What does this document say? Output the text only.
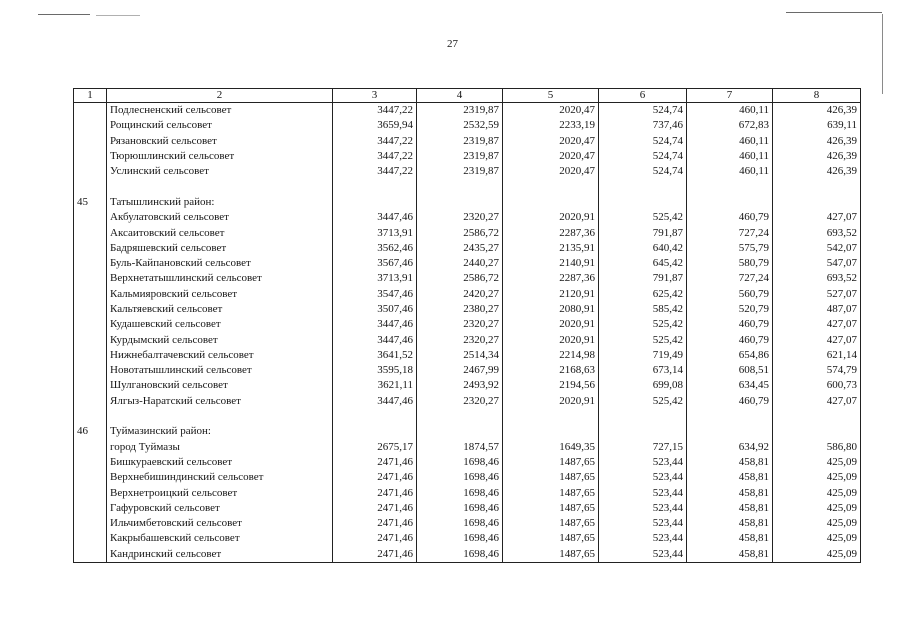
27
1	2	3	4	5	6	7	8
	Подлесненский сельсовет	3447,22	2319,87	2020,47	524,74	460,11	426,39
	Рощинский сельсовет	3659,94	2532,59	2233,19	737,46	672,83	639,11
	Рязановский сельсовет	3447,22	2319,87	2020,47	524,74	460,11	426,39
	Тюрюшлинский сельсовет	3447,22	2319,87	2020,47	524,74	460,11	426,39
	Услинский сельсовет	3447,22	2319,87	2020,47	524,74	460,11	426,39

45	Татышлинский район:						
	Акбулатовский сельсовет	3447,46	2320,27	2020,91	525,42	460,79	427,07
	Аксаитовский сельсовет	3713,91	2586,72	2287,36	791,87	727,24	693,52
	Бадряшевский сельсовет	3562,46	2435,27	2135,91	640,42	575,79	542,07
	Буль-Кайпановский сельсовет	3567,46	2440,27	2140,91	645,42	580,79	547,07
	Верхнетатышлинский сельсовет	3713,91	2586,72	2287,36	791,87	727,24	693,52
	Кальмияровский сельсовет	3547,46	2420,27	2120,91	625,42	560,79	527,07
	Кальтяевский сельсовет	3507,46	2380,27	2080,91	585,42	520,79	487,07
	Кудашевский сельсовет	3447,46	2320,27	2020,91	525,42	460,79	427,07
	Курдымский сельсовет	3447,46	2320,27	2020,91	525,42	460,79	427,07
	Нижнебалтачевский сельсовет	3641,52	2514,34	2214,98	719,49	654,86	621,14
	Новотатышлинский сельсовет	3595,18	2467,99	2168,63	673,14	608,51	574,79
	Шулгановский сельсовет	3621,11	2493,92	2194,56	699,08	634,45	600,73
	Ялгыз-Наратский сельсовет	3447,46	2320,27	2020,91	525,42	460,79	427,07

46	Туймазинский район:						
	город Туймазы	2675,17	1874,57	1649,35	727,15	634,92	586,80
	Бишкураевский сельсовет	2471,46	1698,46	1487,65	523,44	458,81	425,09
	Верхнебишиндинский сельсовет	2471,46	1698,46	1487,65	523,44	458,81	425,09
	Верхнетроицкий сельсовет	2471,46	1698,46	1487,65	523,44	458,81	425,09
	Гафуровский сельсовет	2471,46	1698,46	1487,65	523,44	458,81	425,09
	Ильчимбетовский сельсовет	2471,46	1698,46	1487,65	523,44	458,81	425,09
	Какрыбашевский сельсовет	2471,46	1698,46	1487,65	523,44	458,81	425,09
	Кандринский сельсовет	2471,46	1698,46	1487,65	523,44	458,81	425,09
